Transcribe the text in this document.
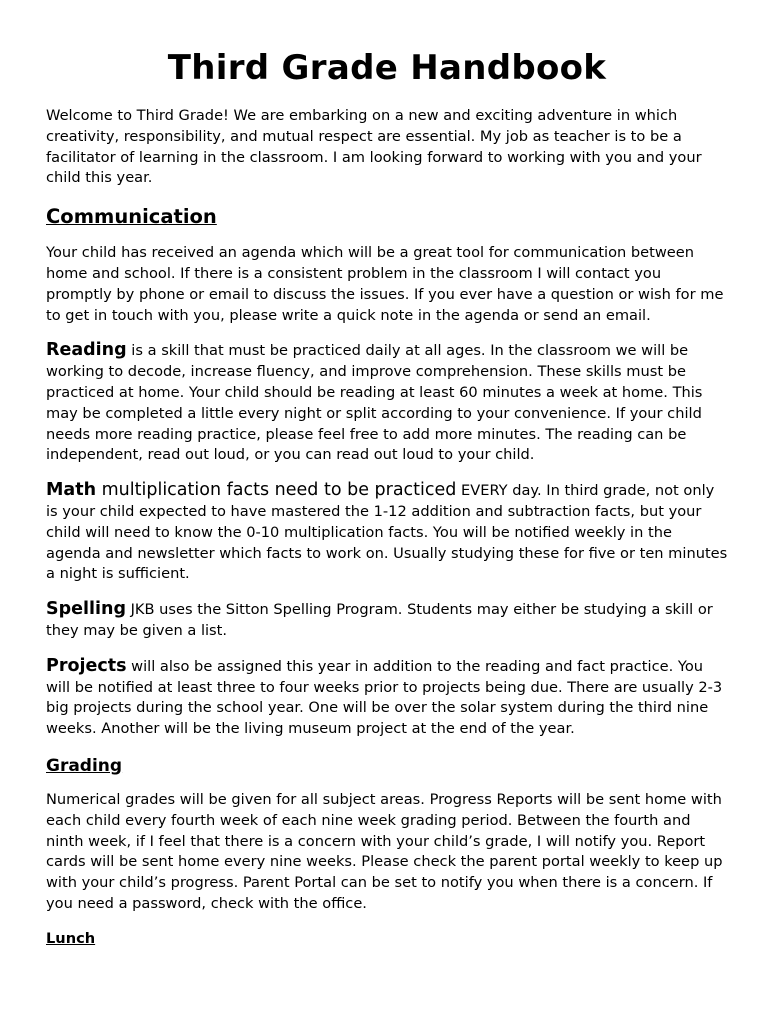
Third Grade Handbook

Welcome to Third Grade! We are embarking on a new and exciting adventure in which creativity, responsibility, and mutual respect are essential. My job as teacher is to be a facilitator of learning in the classroom. I am looking forward to working with you and your child this year.

Communication

Your child has received an agenda which will be a great tool for communication between home and school. If there is a consistent problem in the classroom I will contact you promptly by phone or email to discuss the issues. If you ever have a question or wish for me to get in touch with you, please write a quick note in the agenda or send an email.

Reading is a skill that must be practiced daily at all ages. In the classroom we will be working to decode, increase fluency, and improve comprehension. These skills must be practiced at home. Your child should be reading at least 60 minutes a week at home. This may be completed a little every night or split according to your convenience. If your child needs more reading practice, please feel free to add more minutes. The reading can be independent, read out loud, or you can read out loud to your child.

Math multiplication facts need to be practiced EVERY day. In third grade, not only is your child expected to have mastered the 1-12 addition and subtraction facts, but your child will need to know the 0-10 multiplication facts. You will be notified weekly in the agenda and newsletter which facts to work on. Usually studying these for five or ten minutes a night is sufficient.

Spelling JKB uses the Sitton Spelling Program. Students may either be studying a skill or they may be given a list.

Projects will also be assigned this year in addition to the reading and fact practice. You will be notified at least three to four weeks prior to projects being due. There are usually 2-3 big projects during the school year. One will be over the solar system during the third nine weeks. Another will be the living museum project at the end of the year.

Grading

Numerical grades will be given for all subject areas. Progress Reports will be sent home with each child every fourth week of each nine week grading period. Between the fourth and ninth week, if I feel that there is a concern with your child’s grade, I will notify you. Report cards will be sent home every nine weeks. Please check the parent portal weekly to keep up with your child’s progress. Parent Portal can be set to notify you when there is a concern. If you need a password, check with the office.

Lunch
